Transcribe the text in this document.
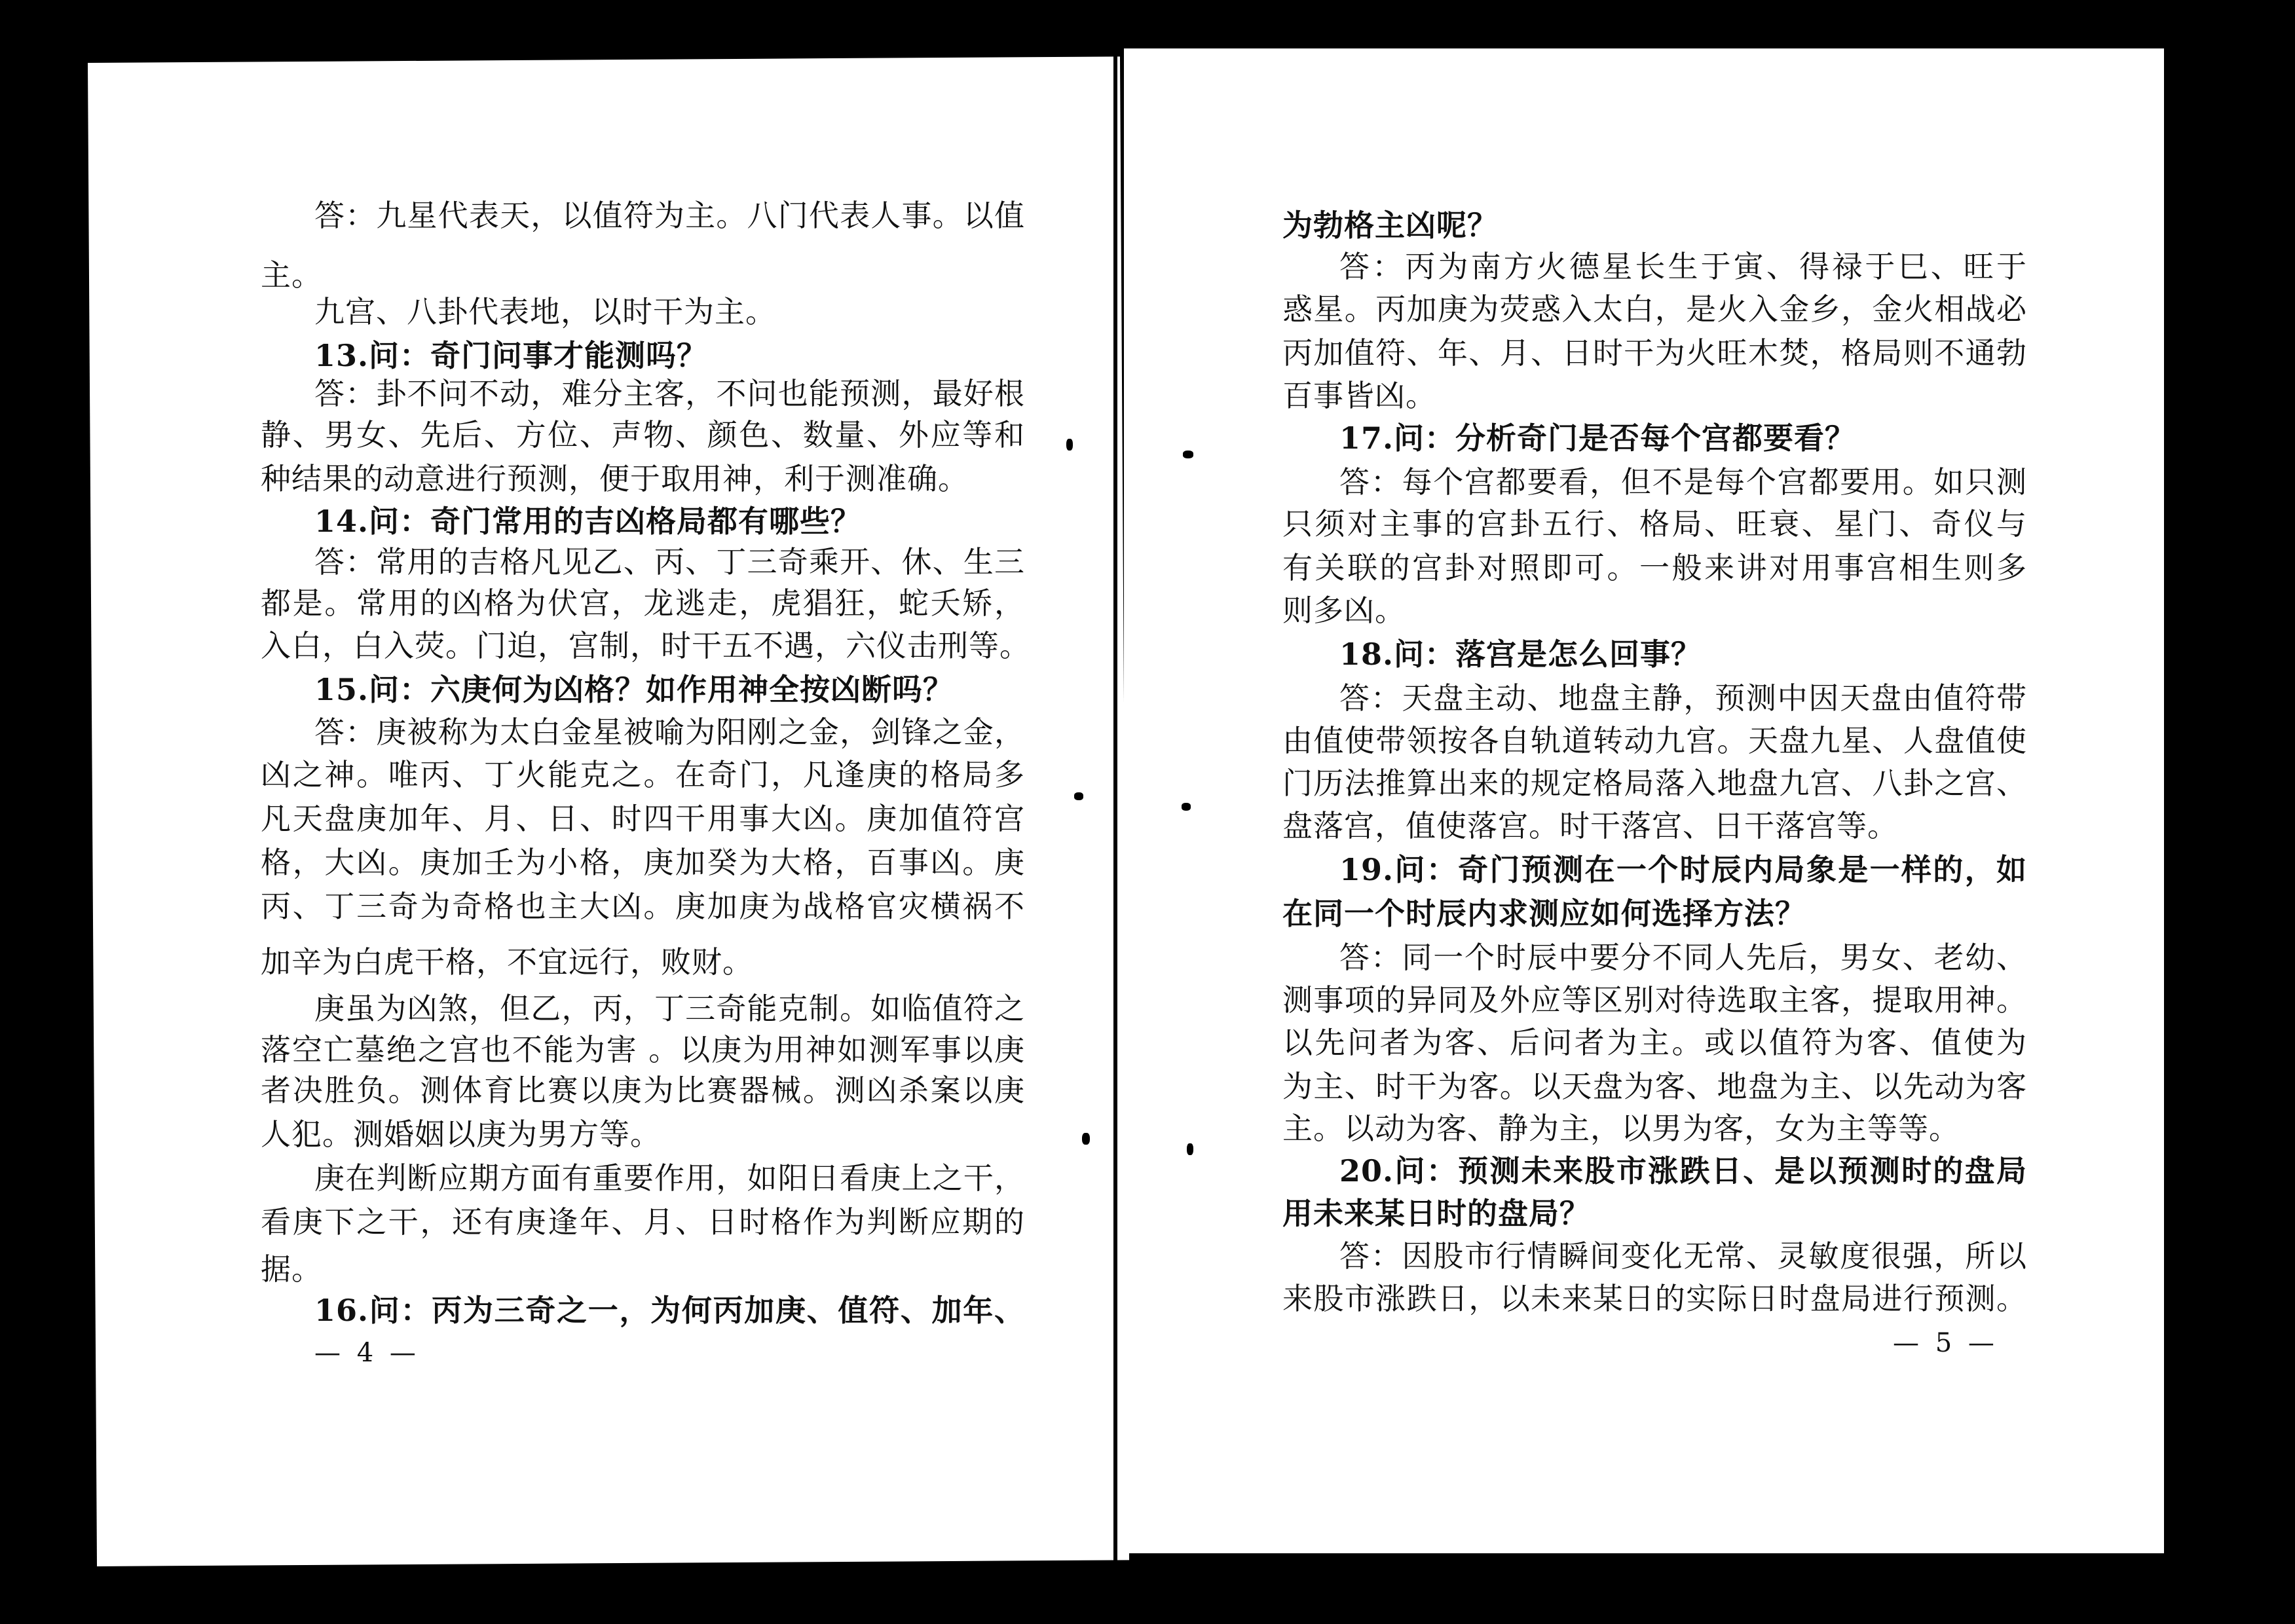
答：九星代表天，以值符为主。八门代表人事。以值
主。
九宫、八卦代表地，以时干为主。
13.问：奇门问事才能测吗？
答：卦不问不动，难分主客，不问也能预测，最好根
静、男女、先后、方位、声物、颜色、数量、外应等和
种结果的动意进行预测，便于取用神，利于测准确。
14.问：奇门常用的吉凶格局都有哪些？
答：常用的吉格凡见乙、丙、丁三奇乘开、休、生三
都是。常用的凶格为伏宫，龙逃走，虎猖狂，蛇夭矫，
入白，白入荧。门迫，宫制，时干五不遇，六仪击刑等。
15.问：六庚何为凶格？如作用神全按凶断吗？
答：庚被称为太白金星被喻为阳刚之金，剑锋之金，
凶之神。唯丙、丁火能克之。在奇门，凡逢庚的格局多
凡天盘庚加年、月、日、时四干用事大凶。庚加值符宫
格，大凶。庚加壬为小格，庚加癸为大格，百事凶。庚
丙、丁三奇为奇格也主大凶。庚加庚为战格官灾横祸不
加辛为白虎干格，不宜远行，败财。
庚虽为凶煞，但乙，丙，丁三奇能克制。如临值符之
落空亡墓绝之宫也不能为害 。以庚为用神如测军事以庚
者决胜负。测体育比赛以庚为比赛器械。测凶杀案以庚
人犯。测婚姻以庚为男方等。
庚在判断应期方面有重要作用，如阳日看庚上之干，
看庚下之干，还有庚逢年、月、日时格作为判断应期的
据。
16.问：丙为三奇之一，为何丙加庚、值符、加年、
— 4 —
为勃格主凶呢？
答：丙为南方火德星长生于寅、得禄于巳、旺于
惑星。丙加庚为荧惑入太白，是火入金乡，金火相战必
丙加值符、年、月、日时干为火旺木焚，格局则不通勃
百事皆凶。
17.问：分析奇门是否每个宫都要看？
答：每个宫都要看，但不是每个宫都要用。如只测
只须对主事的宫卦五行、格局、旺衰、星门、奇仪与
有关联的宫卦对照即可。一般来讲对用事宫相生则多
则多凶。
18.问：落宫是怎么回事？
答：天盘主动、地盘主静，预测中因天盘由值符带
由值使带领按各自轨道转动九宫。天盘九星、人盘值使
门历法推算出来的规定格局落入地盘九宫、八卦之宫、
盘落宫，值使落宫。时干落宫、日干落宫等。
19.问：奇门预测在一个时辰内局象是一样的，如
在同一个时辰内求测应如何选择方法？
答：同一个时辰中要分不同人先后，男女、老幼、
测事项的异同及外应等区别对待选取主客，提取用神。
以先问者为客、后问者为主。或以值符为客、值使为
为主、时干为客。以天盘为客、地盘为主、以先动为客
主。以动为客、静为主，以男为客，女为主等等。
20.问：预测未来股市涨跌日、是以预测时的盘局
用未来某日时的盘局？
答：因股市行情瞬间变化无常、灵敏度很强，所以
来股市涨跌日，以未来某日的实际日时盘局进行预测。
— 5 —
